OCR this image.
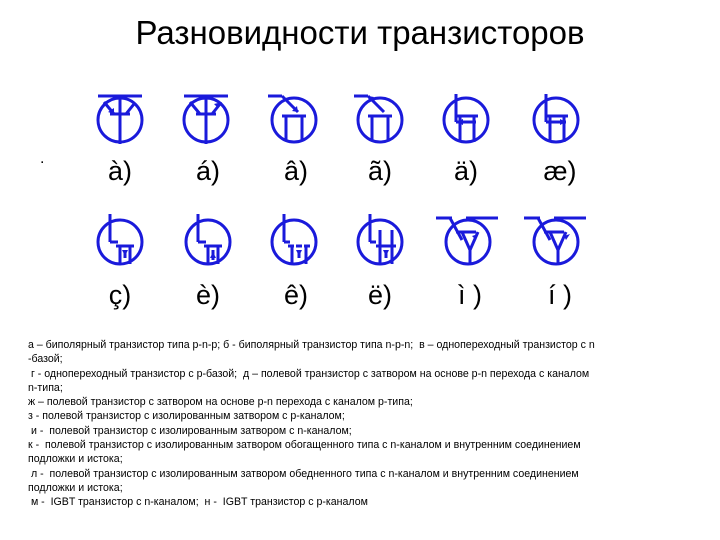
Разновидности транзисторов
.	à)	á)	â)	ã)	ä)	æ)
ç)	è)	ê)	ë)	ì )	í )
а – биполярный транзистор типа p-n-p; б - биполярный транзистор типа n-p-n;  в – однопереходный транзистор с n
-базой;
г - однопереходный транзистор с p-базой;  д – полевой транзистор с затвором на основе p-n перехода с каналом
n-типа;
ж – полевой транзистор с затвором на основе p-n перехода с каналом p-типа;
з - полевой транзистор с изолированным затвором с p-каналом;
и -  полевой транзистор с изолированным затвором с n-каналом;
к -  полевой транзистор с изолированным затвором обогащенного типа с n-каналом и внутренним соединением
подложки и истока;
л -  полевой транзистор с изолированным затвором обедненного типа с n-каналом и внутренним соединением
подложки и истока;
м -  IGBT транзистор с n-каналом;  н -  IGBT транзистор с p-каналом
